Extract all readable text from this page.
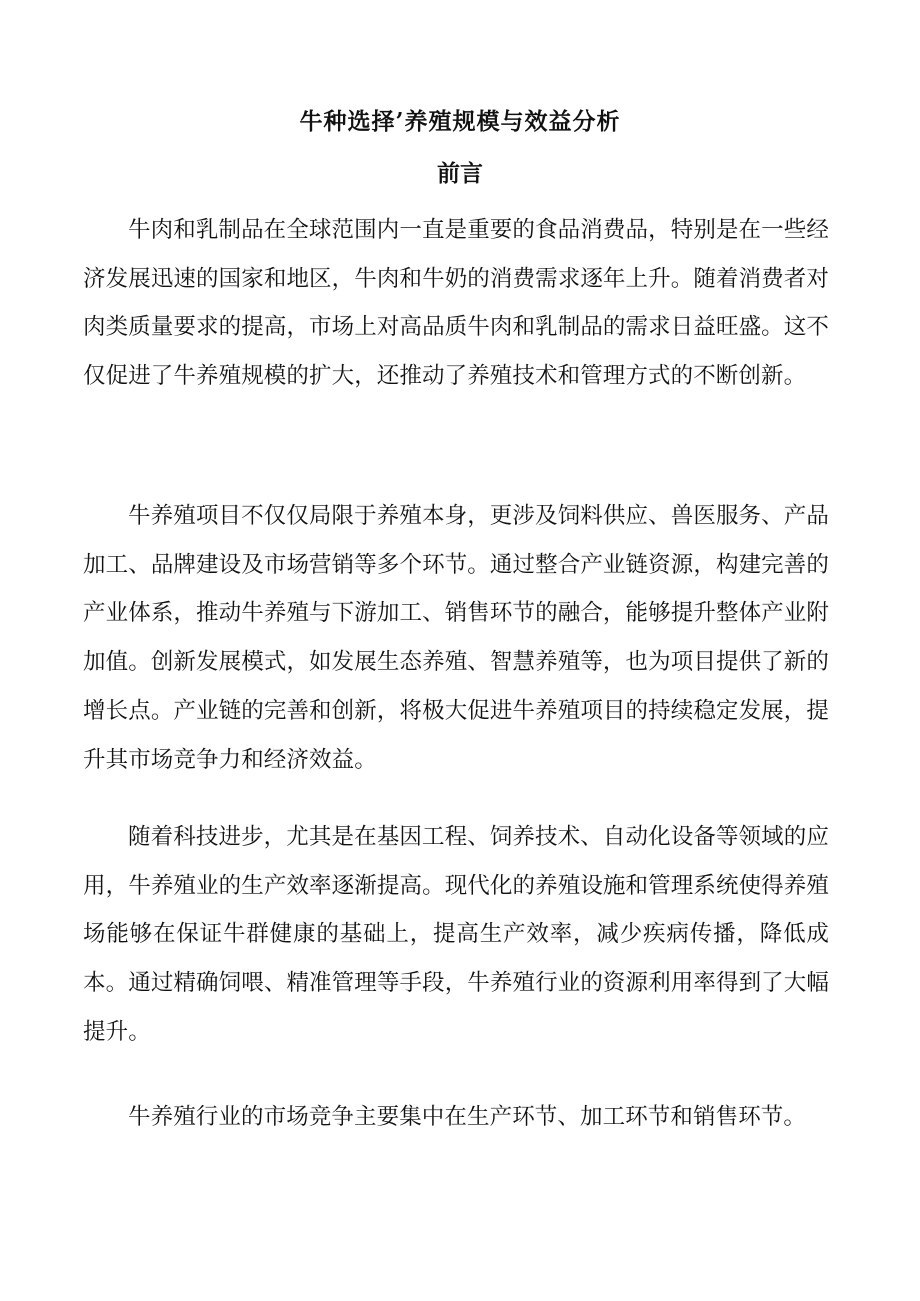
牛种选择’养殖规模与效益分析
前言

牛肉和乳制品在全球范围内一直是重要的食品消费品，特别是在一些经济发展迅速的国家和地区，牛肉和牛奶的消费需求逐年上升。随着消费者对肉类质量要求的提高，市场上对高品质牛肉和乳制品的需求日益旺盛。这不仅促进了牛养殖规模的扩大，还推动了养殖技术和管理方式的不断创新。

牛养殖项目不仅仅局限于养殖本身，更涉及饲料供应、兽医服务、产品加工、品牌建设及市场营销等多个环节。通过整合产业链资源，构建完善的产业体系，推动牛养殖与下游加工、销售环节的融合，能够提升整体产业附加值。创新发展模式，如发展生态养殖、智慧养殖等，也为项目提供了新的增长点。产业链的完善和创新，将极大促进牛养殖项目的持续稳定发展，提升其市场竞争力和经济效益。

随着科技进步，尤其是在基因工程、饲养技术、自动化设备等领域的应用，牛养殖业的生产效率逐渐提高。现代化的养殖设施和管理系统使得养殖场能够在保证牛群健康的基础上，提高生产效率，减少疾病传播，降低成本。通过精确饲喂、精准管理等手段，牛养殖行业的资源利用率得到了大幅提升。

牛养殖行业的市场竞争主要集中在生产环节、加工环节和销售环节。
